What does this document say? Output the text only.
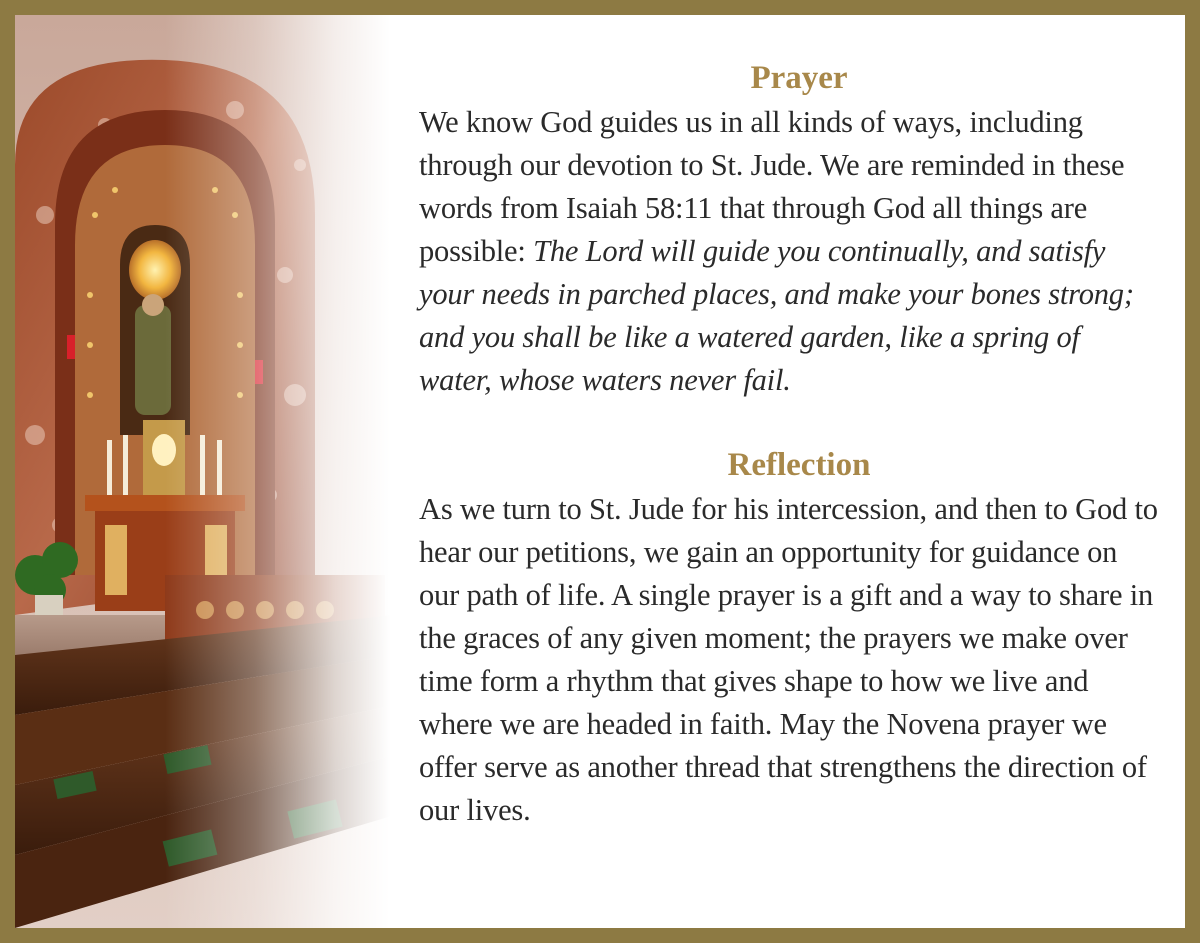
Prayer

We know God guides us in all kinds of ways, including through our devotion to St. Jude. We are reminded in these words from Isaiah 58:11 that through God all things are possible: The Lord will guide you continually, and satisfy your needs in parched places, and make your bones strong; and you shall be like a watered garden, like a spring of water, whose waters never fail.

Reflection

As we turn to St. Jude for his intercession, and then to God to hear our petitions, we gain an opportunity for guidance on our path of life. A single prayer is a gift and a way to share in the graces of any given moment; the prayers we make over time form a rhythm that gives shape to how we live and where we are headed in faith. May the Novena prayer we offer serve as another thread that strengthens the direction of our lives.
